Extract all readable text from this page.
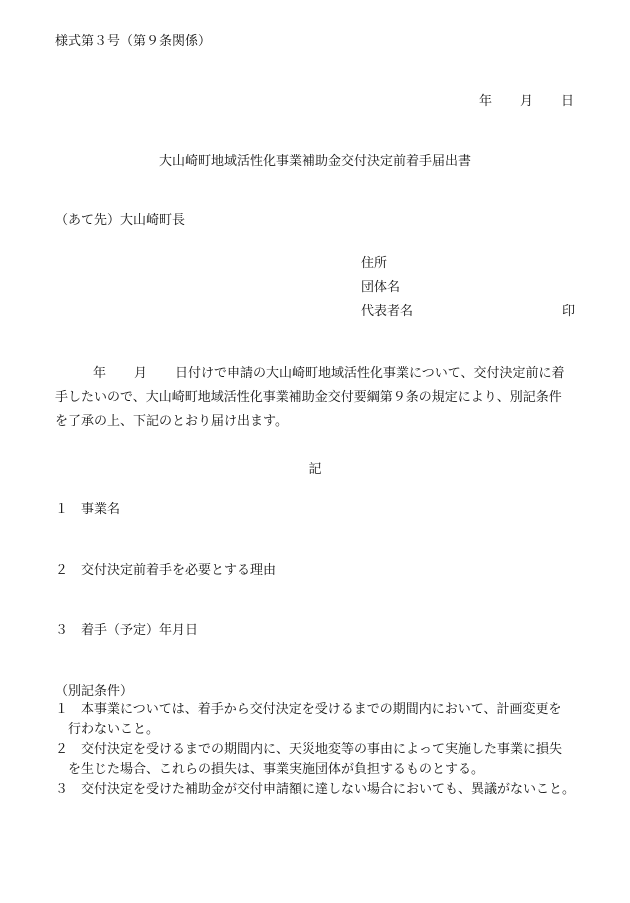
様式第３号（第９条関係）
年 月 日
大山崎町地域活性化事業補助金交付決定前着手届出書
（あて先）大山崎町長
住所
団体名
代表者名	印
年 月 日付けで申請の大山崎町地域活性化事業について、交付決定前に着
手したいので、大山崎町地域活性化事業補助金交付要綱第９条の規定により、別記条件
を了承の上、下記のとおり届け出ます。
記
１ 事業名
２ 交付決定前着手を必要とする理由
３ 着手（予定）年月日
（別記条件）
１ 本事業については、着手から交付決定を受けるまでの期間内において、計画変更を
行わないこと。
２ 交付決定を受けるまでの期間内に、天災地変等の事由によって実施した事業に損失
を生じた場合、これらの損失は、事業実施団体が負担するものとする。
３ 交付決定を受けた補助金が交付申請額に達しない場合においても、異議がないこと。
